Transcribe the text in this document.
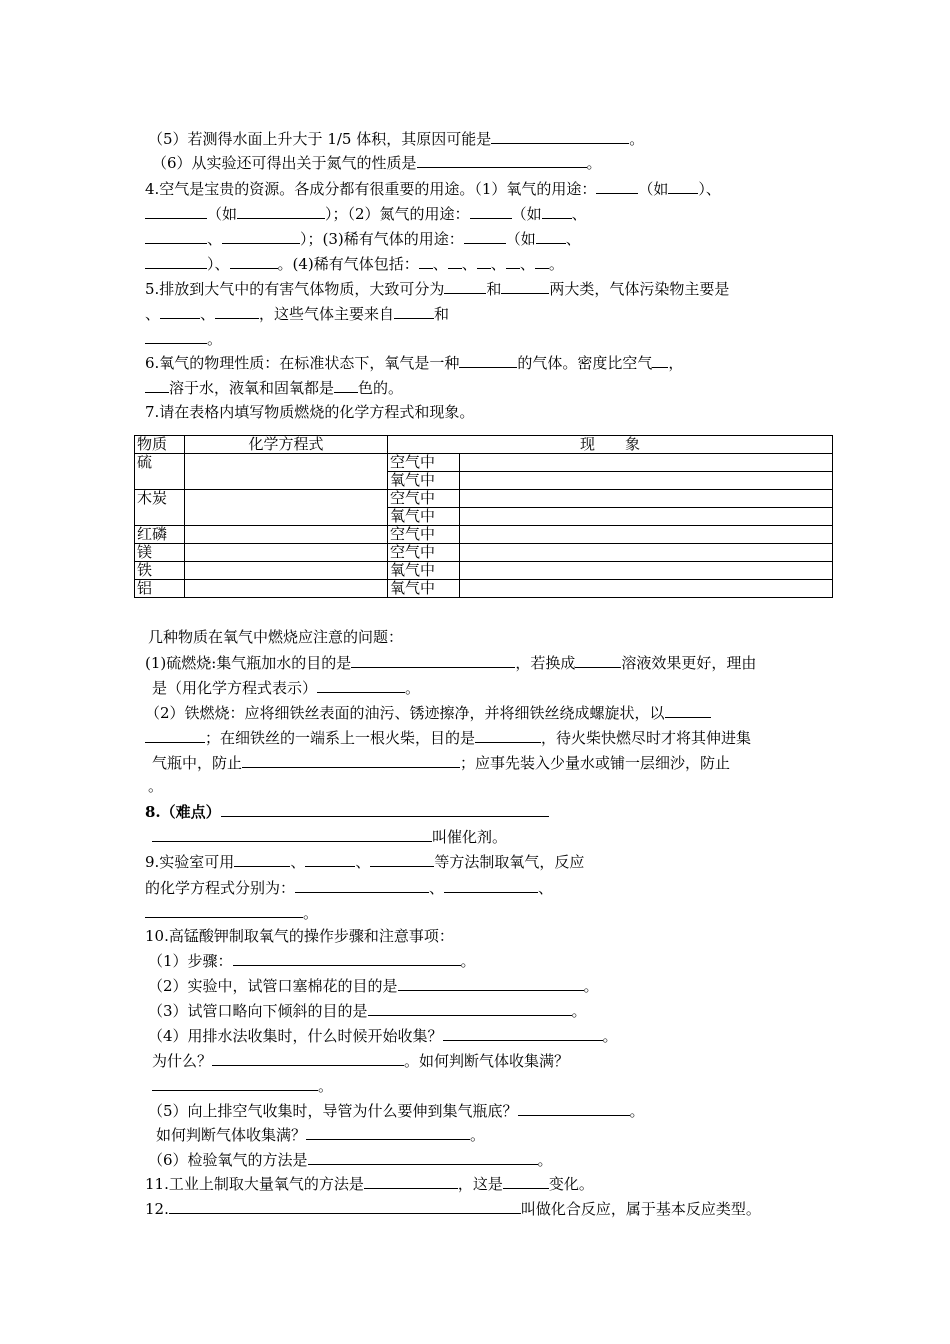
（5）若测得水面上升大于 1/5 体积，其原因可能是	。
（6）从实验还可得出关于氮气的性质是	。
4.空气是宝贵的资源。各成分都有很重要的用途。（1）氧气的用途：	（如 ）、
（如	）；（2）氮气的用途：	（如 、
、	）；(3)稀有气体的用途：	（如 、
）、	。(4)稀有气体包括： 、 、 、 、 。
5.排放到大气中的有害气体物质，大致可分为	和	两大类，气体污染物主要是
、	、	，这些气体主要来自	和
。
6.氧气的物理性质：在标准状态下，氧气是一种	的气体。密度比空气 ，
溶于水，液氧和固氧都是 色的。
7.请在表格内填写物质燃烧的化学方程式和现象。
物质	化学方程式	现　　象	
硫		空气中	
		氧气中	
木炭		空气中	
		氧气中	
红磷		空气中	
镁		空气中	
铁		氧气中	
铝		氧气中	
几种物质在氧气中燃烧应注意的问题：
(1)硫燃烧:集气瓶加水的目的是	，若换成	溶液效果更好，理由
是（用化学方程式表示）	。
（2）铁燃烧：应将细铁丝表面的油污、锈迹擦净，并将细铁丝绕成螺旋状，以
；在细铁丝的一端系上一根火柴，目的是	，待火柴快燃尽时才将其伸进集
气瓶中，防止	；应事先装入少量水或铺一层细沙，防止
。
8.（难点）
叫催化剂。
9.实验室可用	、	、	等方法制取氧气，反应
的化学方程式分别为：	、	、
。
10.高锰酸钾制取氧气的操作步骤和注意事项：
（1）步骤：	。
（2）实验中，试管口塞棉花的目的是	。
（3）试管口略向下倾斜的目的是	。
（4）用排水法收集时，什么时候开始收集？	。
为什么？	。如何判断气体收集满？
。
（5）向上排空气收集时，导管为什么要伸到集气瓶底？	。
如何判断气体收集满？	。
（6）检验氧气的方法是	。
11.工业上制取大量氧气的方法是	，这是	变化。
12.	叫做化合反应，属于基本反应类型。
